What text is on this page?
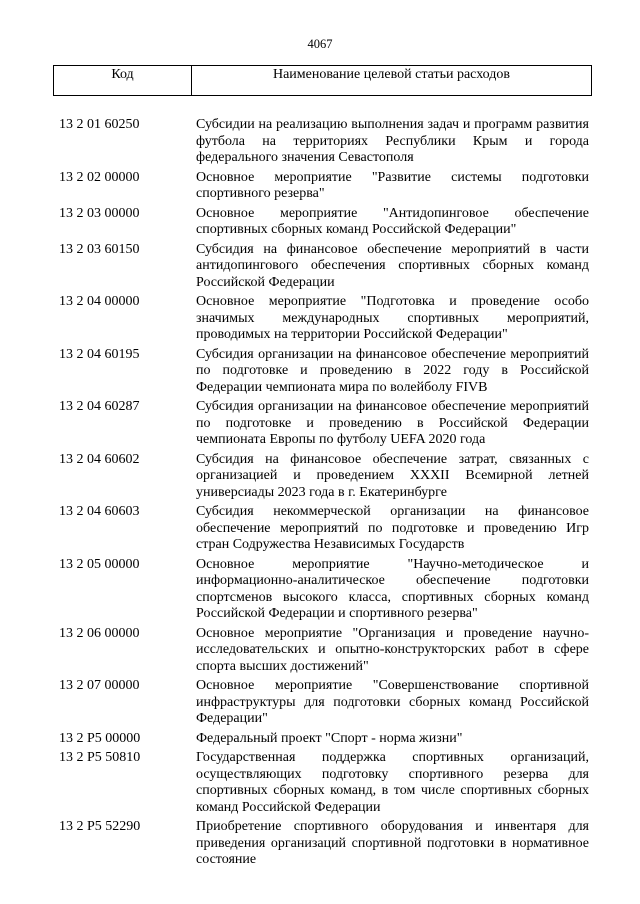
4067
Код	Наименование целевой статьи расходов
13 2 01 60250	Субсидии на реализацию выполнения задач и программ развития футбола на территориях Республики Крым и города федерального значения Севастополя
13 2 02 00000	Основное мероприятие "Развитие системы подготовки спортивного резерва"
13 2 03 00000	Основное мероприятие "Антидопинговое обеспечение спортивных сборных команд Российской Федерации"
13 2 03 60150	Субсидия на финансовое обеспечение мероприятий в части антидопингового обеспечения спортивных сборных команд Российской Федерации
13 2 04 00000	Основное мероприятие "Подготовка и проведение особо значимых международных спортивных мероприятий, проводимых на территории Российской Федерации"
13 2 04 60195	Субсидия организации на финансовое обеспечение мероприятий по подготовке и проведению в 2022 году в Российской Федерации чемпионата мира по волейболу FIVB
13 2 04 60287	Субсидия организации на финансовое обеспечение мероприятий по подготовке и проведению в Российской Федерации чемпионата Европы по футболу UEFA 2020 года
13 2 04 60602	Субсидия на финансовое обеспечение затрат, связанных с организацией и проведением XXXII Всемирной летней универсиады 2023 года в г. Екатеринбурге
13 2 04 60603	Субсидия некоммерческой организации на финансовое обеспечение мероприятий по подготовке и проведению Игр стран Содружества Независимых Государств
13 2 05 00000	Основное мероприятие "Научно-методическое и информационно-аналитическое обеспечение подготовки спортсменов высокого класса, спортивных сборных команд Российской Федерации и спортивного резерва"
13 2 06 00000	Основное мероприятие "Организация и проведение научно-исследовательских и опытно-конструкторских работ в сфере спорта высших достижений"
13 2 07 00000	Основное мероприятие "Совершенствование спортивной инфраструктуры для подготовки сборных команд Российской Федерации"
13 2 P5 00000	Федеральный проект "Спорт - норма жизни"
13 2 P5 50810	Государственная поддержка спортивных организаций, осуществляющих подготовку спортивного резерва для спортивных сборных команд, в том числе спортивных сборных команд Российской Федерации
13 2 P5 52290	Приобретение спортивного оборудования и инвентаря для приведения организаций спортивной подготовки в нормативное состояние
